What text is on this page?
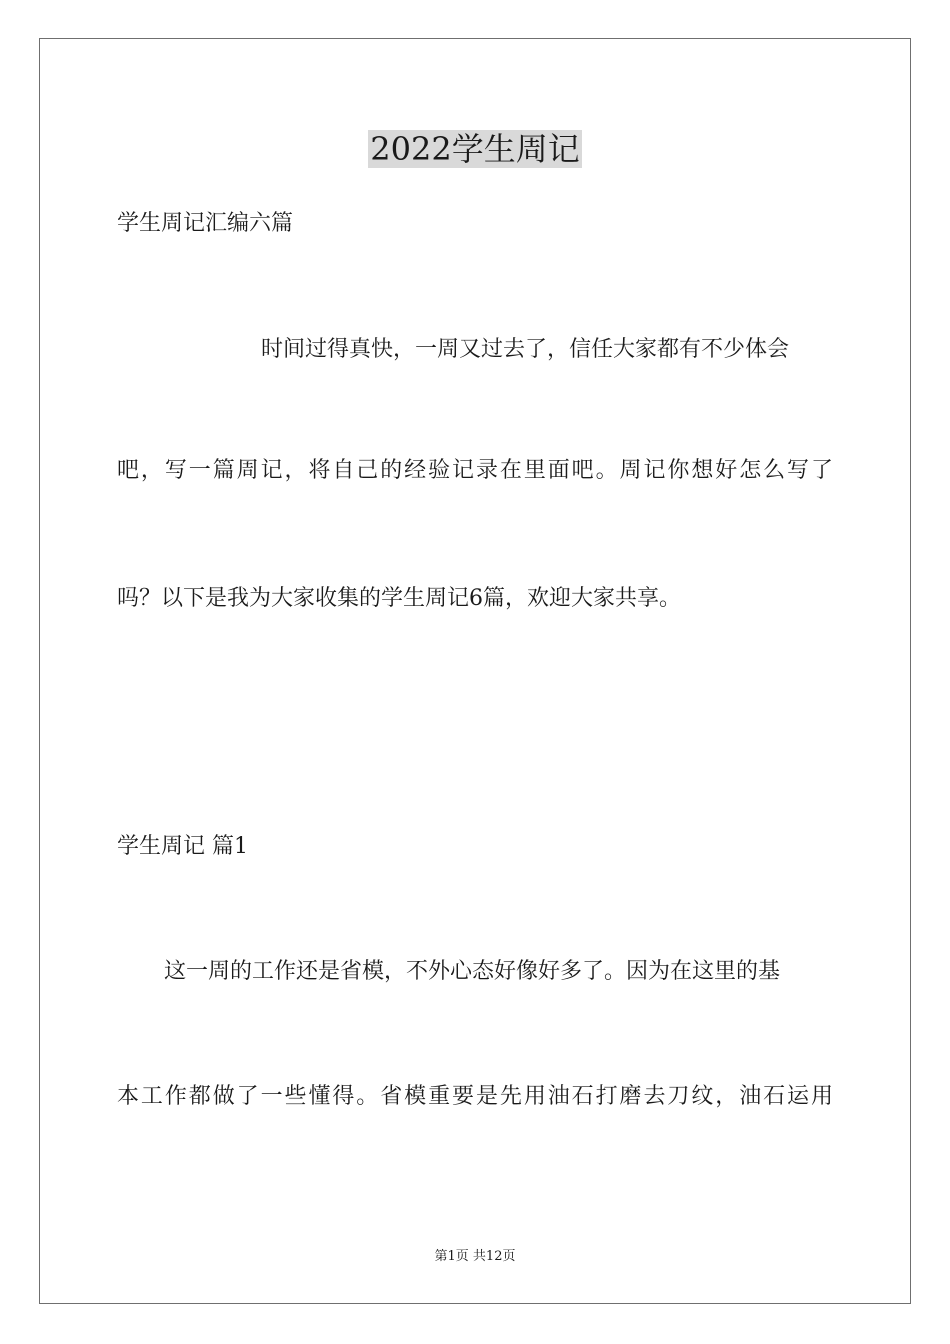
2022学生周记
学生周记汇编六篇
时间过得真快，一周又过去了，信任大家都有不少体会
吧，写一篇周记，将自己的经验记录在里面吧。周记你想好怎么写了
吗？以下是我为大家收集的学生周记6篇，欢迎大家共享。
学生周记 篇1
这一周的工作还是省模，不外心态好像好多了。因为在这里的基
本工作都做了一些懂得。省模重要是先用油石打磨去刀纹，油石运用
第1页 共12页
